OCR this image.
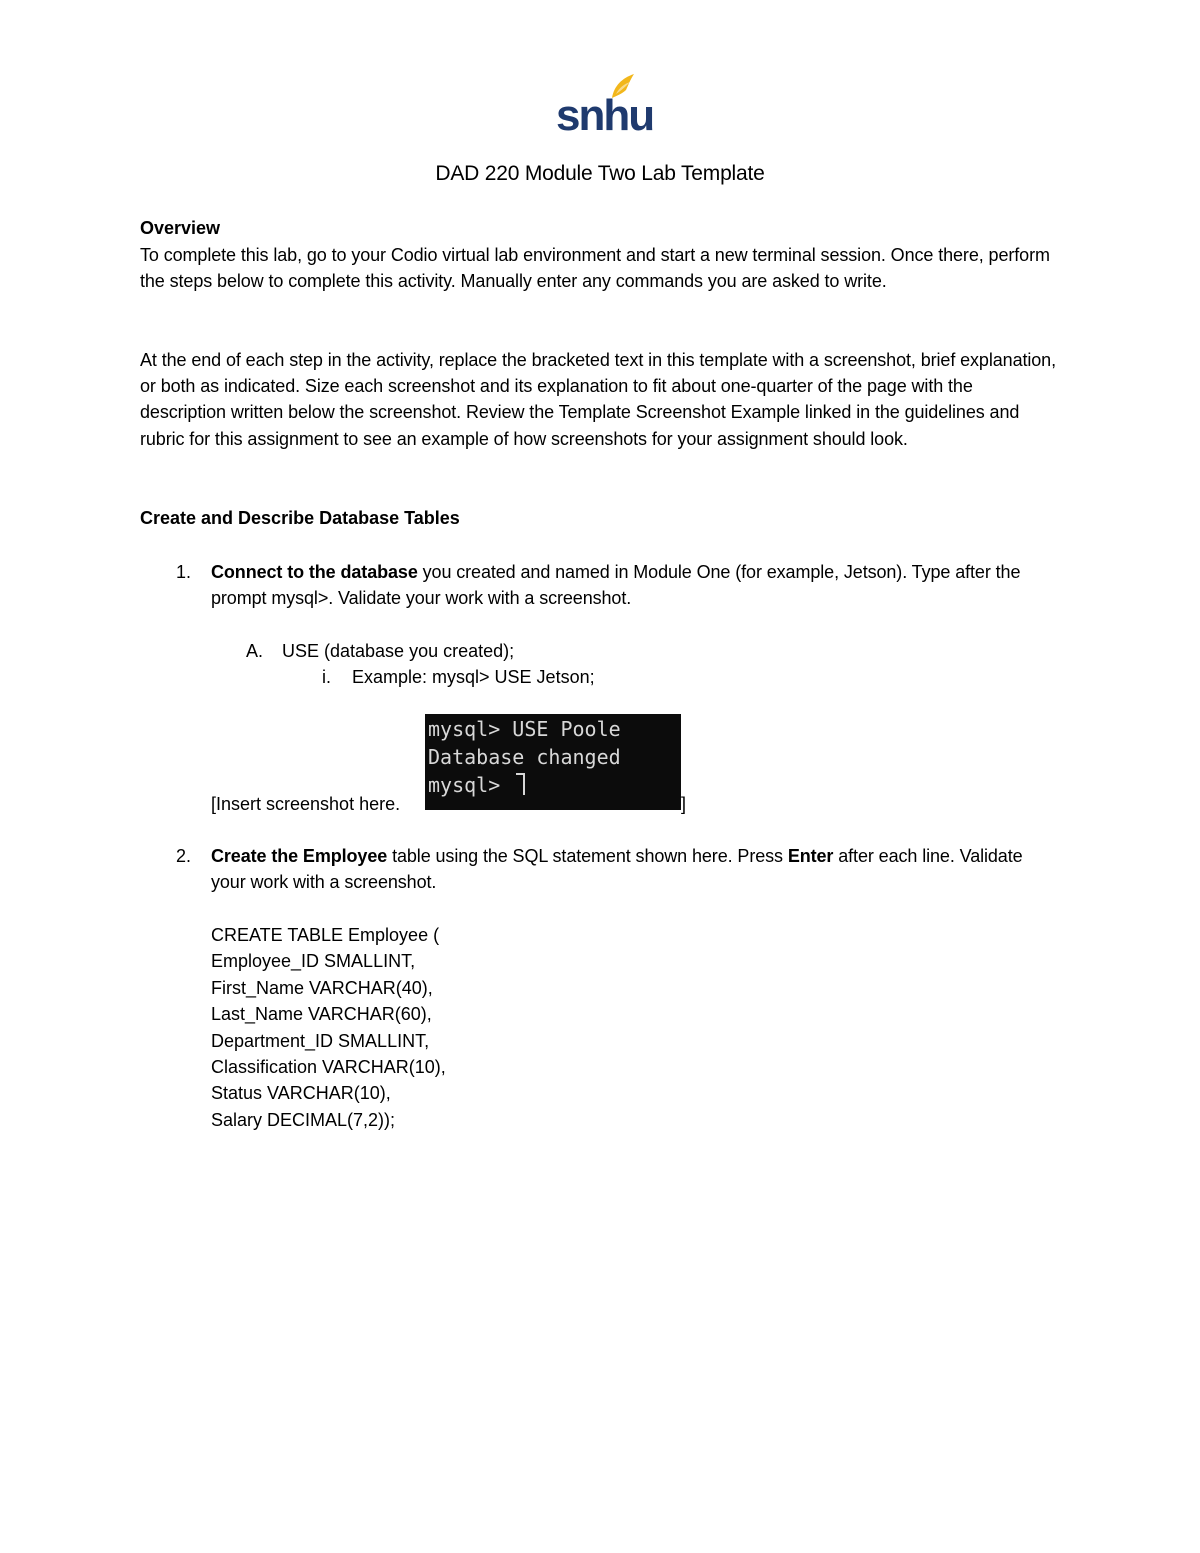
snhu
DAD 220 Module Two Lab Template
Overview

To complete this lab, go to your Codio virtual lab environment and start a new terminal session. Once there, perform the steps below to complete this activity. Manually enter any commands you are asked to write.

At the end of each step in the activity, replace the bracketed text in this template with a screenshot, brief explanation, or both as indicated. Size each screenshot and its explanation to fit about one-quarter of the page with the description written below the screenshot. Review the Template Screenshot Example linked in the guidelines and rubric for this assignment to see an example of how screenshots for your assignment should look.

Create and Describe Database Tables
1. Connect to the database you created and named in Module One (for example, Jetson). Type after the prompt mysql>. Validate your work with a screenshot.

A. USE (database you created);
i. Example: mysql> USE Jetson;
[Insert screenshot here.
mysql> USE Poole
Database changed
mysql>
]
2. Create the Employee table using the SQL statement shown here. Press Enter after each line. Validate your work with a screenshot.

CREATE TABLE Employee (
Employee_ID SMALLINT,
First_Name VARCHAR(40),
Last_Name VARCHAR(60),
Department_ID SMALLINT,
Classification VARCHAR(10),
Status VARCHAR(10),
Salary DECIMAL(7,2));
